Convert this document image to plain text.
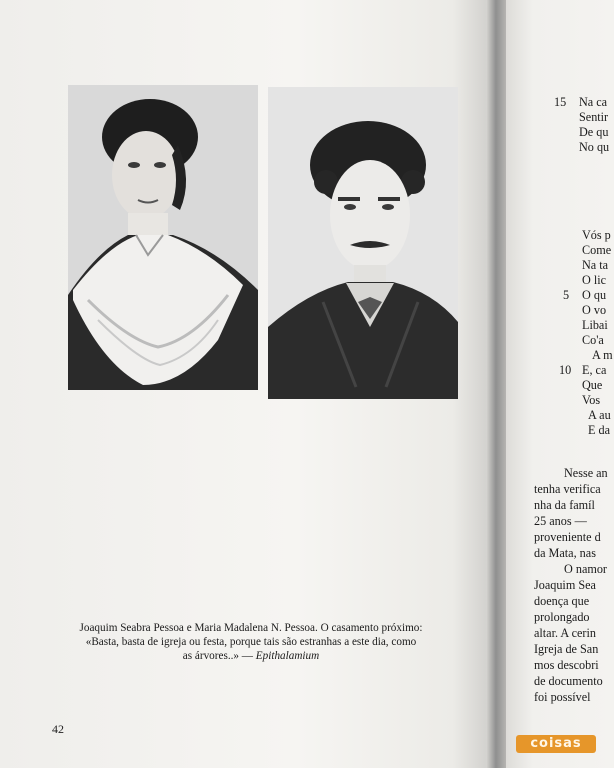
Joaquim Seabra Pessoa e Maria Madalena N. Pessoa. O casamento próximo:
«Basta, basta de igreja ou festa, porque tais são estranhas a este dia, como
as árvores..» — Epithalamium
42
15 Na ca
Sentir
De qu
No qu
Vós p
Come
Na ta
O lic
5 O qu
O vo
Libai
Co'a
A m
10 E, ca
Que
Vos
A au
E da
Nesse an
tenha verifica
nha da famíl
25 anos —
proveniente d
da Mata, nas
O namor
Joaquim Sea
doença que
prolongado
altar. A cerin
Igreja de San
mos descobri
de documento
foi possível
coisas
